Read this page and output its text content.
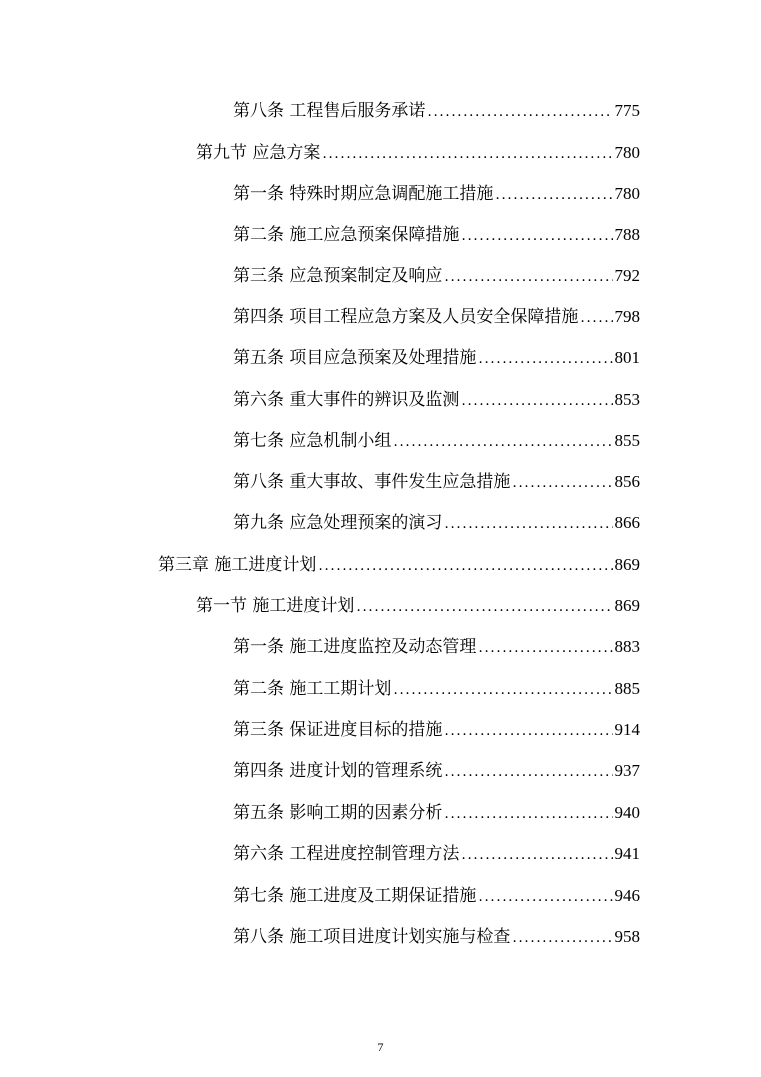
第八条 工程售后服务承诺 .....	775
第九节 应急方案 .....	780
第一条 特殊时期应急调配施工措施 .....	780
第二条 施工应急预案保障措施 .....	788
第三条 应急预案制定及响应 .....	792
第四条 项目工程应急方案及人员安全保障措施 ..... 798
第五条 项目应急预案及处理措施 .....	801
第六条 重大事件的辨识及监测 .....	853
第七条 应急机制小组 .....	855
第八条 重大事故、事件发生应急措施 .....	856
第九条 应急处理预案的演习 .....	866
第三章 施工进度计划 .....	869
第一节 施工进度计划 .....	869
第一条 施工进度监控及动态管理 .....	883
第二条 施工工期计划 .....	885
第三条 保证进度目标的措施 .....	914
第四条 进度计划的管理系统 .....	937
第五条 影响工期的因素分析 .....	940
第六条 工程进度控制管理方法 .....	941
第七条 施工进度及工期保证措施 .....	946
第八条 施工项目进度计划实施与检查 .....	958
7
